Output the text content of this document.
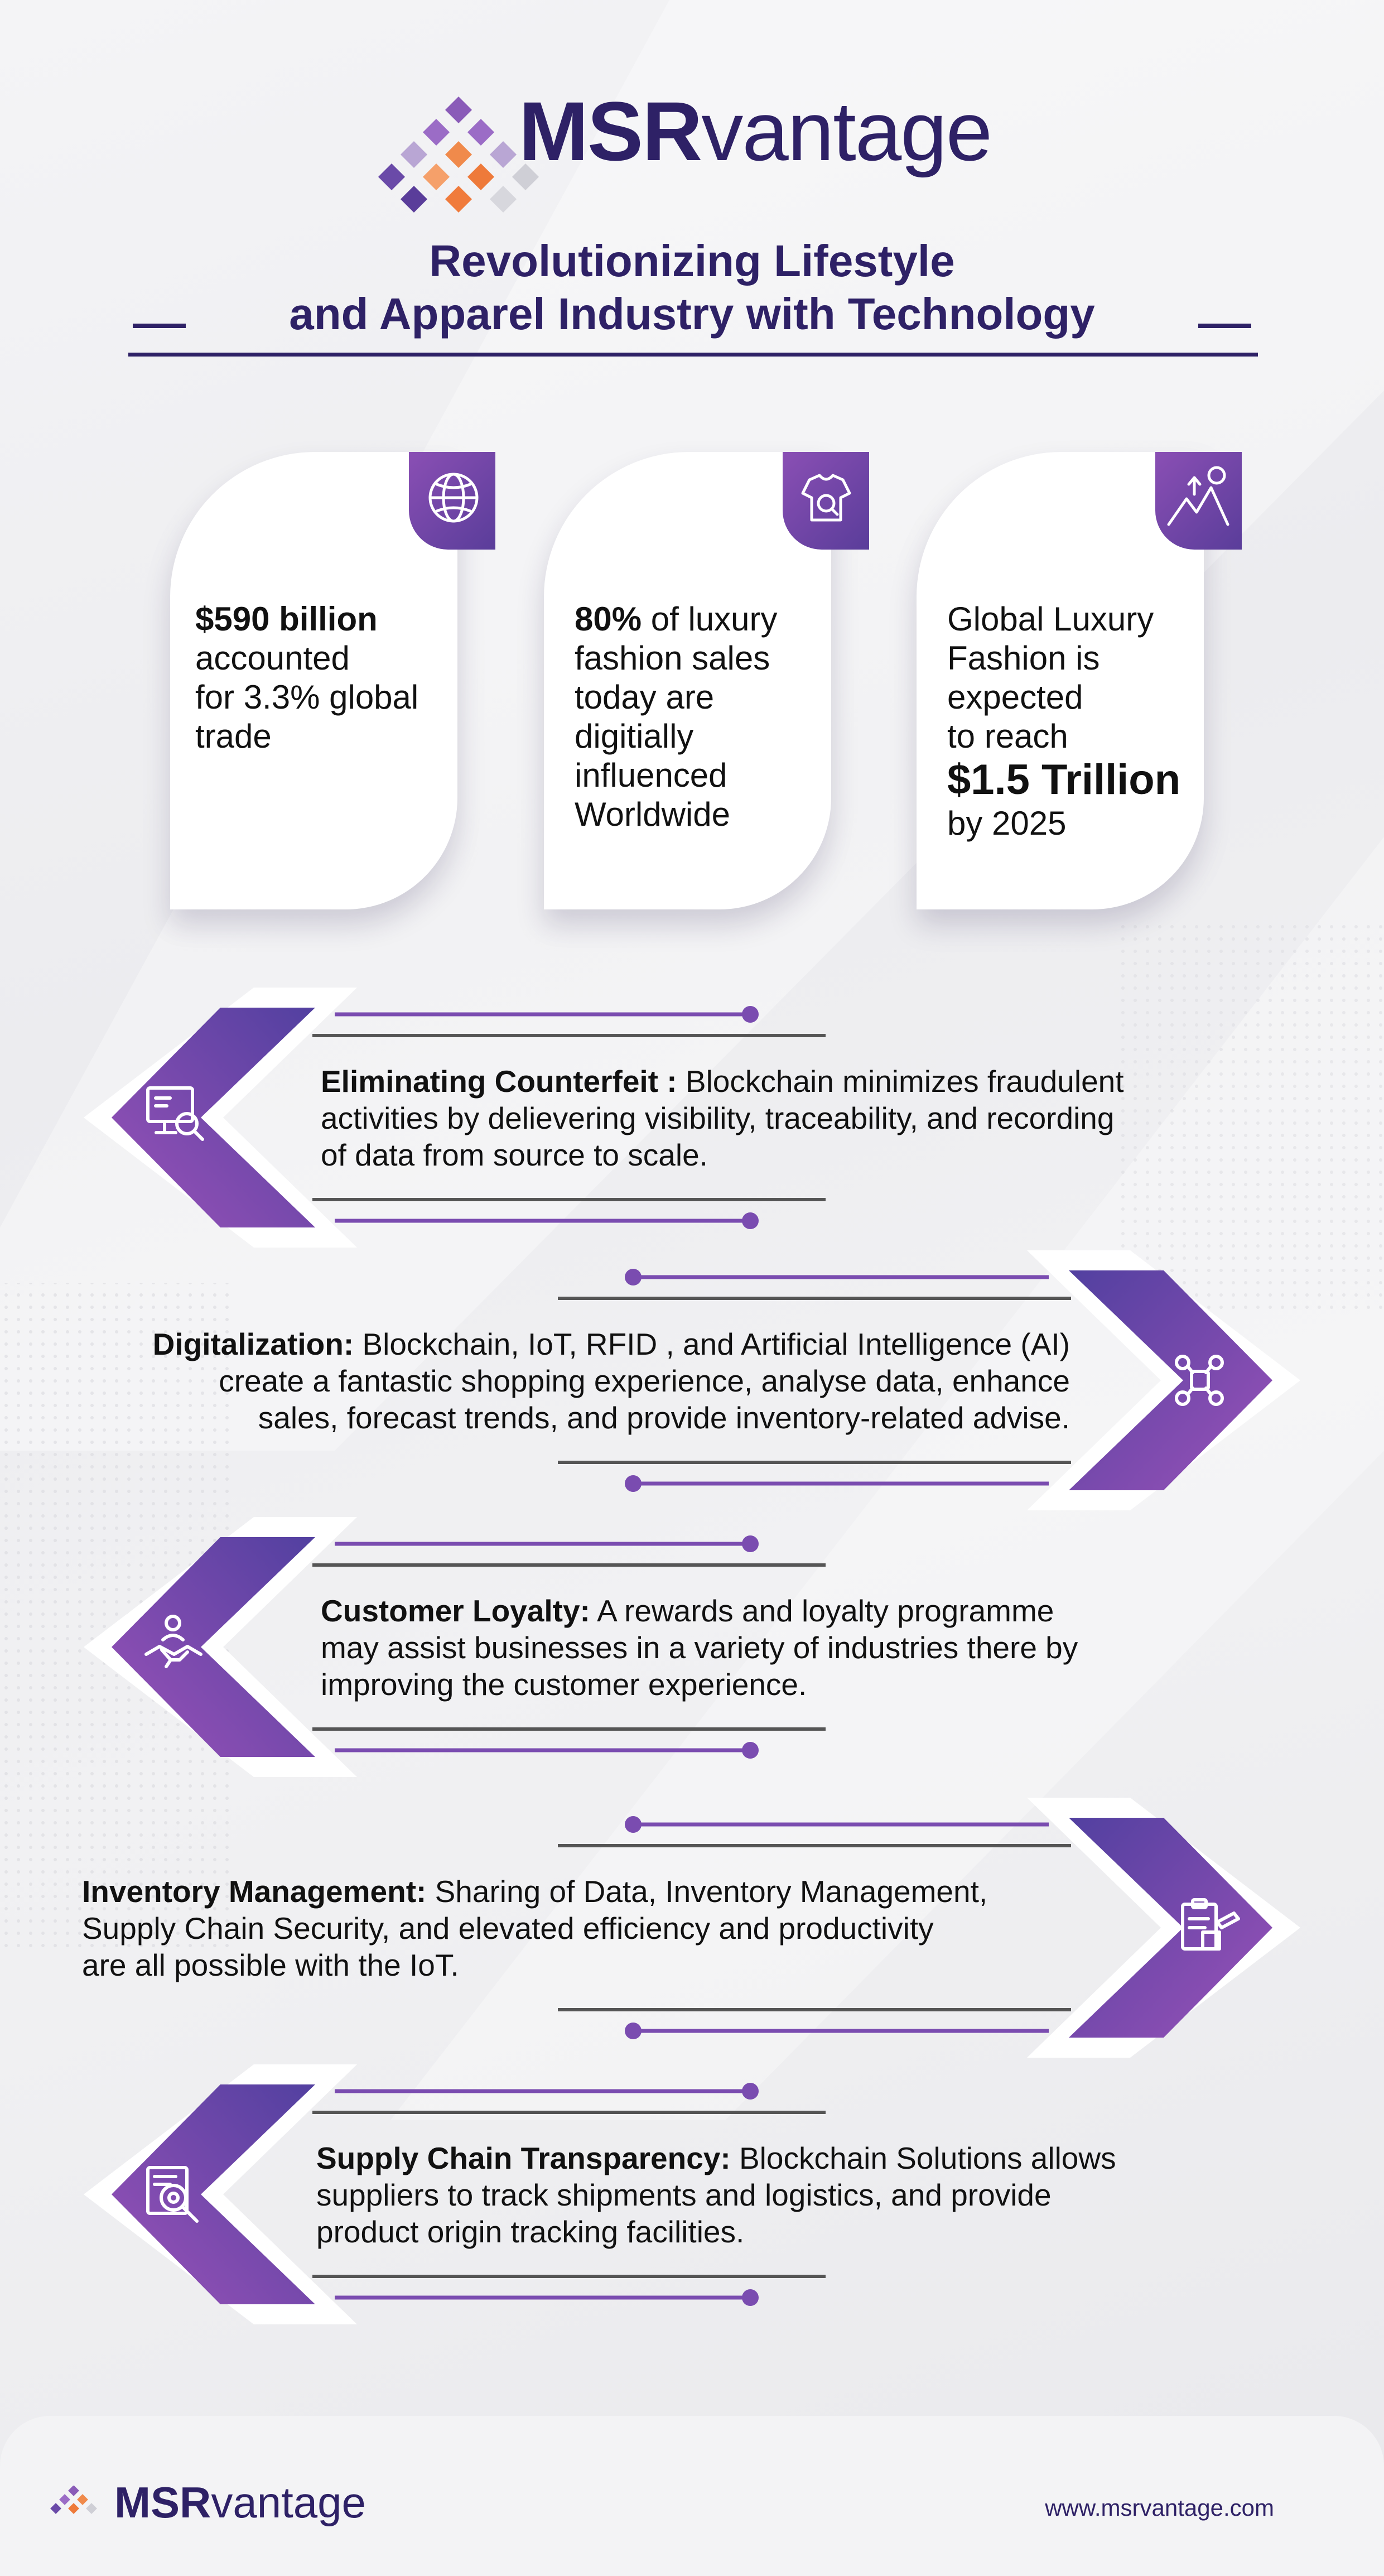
MSRvantage
Revolutionizing Lifestyle
and Apparel Industry with Technology
$590 billion
accounted
for 3.3% global
trade
80% of luxury
fashion sales
today are
digitially
influenced
Worldwide
Global Luxury
Fashion is
expected
to reach
$1.5 Trillion
by 2025
Eliminating Counterfeit : Blockchain minimizes fraudulent
activities by delievering visibility, traceability, and recording
of data from source to scale.
Digitalization: Blockchain, IoT, RFID , and Artificial Intelligence (AI)
create a fantastic shopping experience, analyse data, enhance
sales, forecast trends, and provide inventory-related advise.
Customer Loyalty: A rewards and loyalty programme
may assist businesses in a variety of industries there by
improving the customer experience.
Inventory Management: Sharing of Data, Inventory Management,
Supply Chain Security, and elevated efficiency and productivity
are all possible with the IoT.
Supply Chain Transparency: Blockchain Solutions allows
suppliers to track shipments and logistics, and provide
product origin tracking facilities.
MSRvantage	www.msrvantage.com
